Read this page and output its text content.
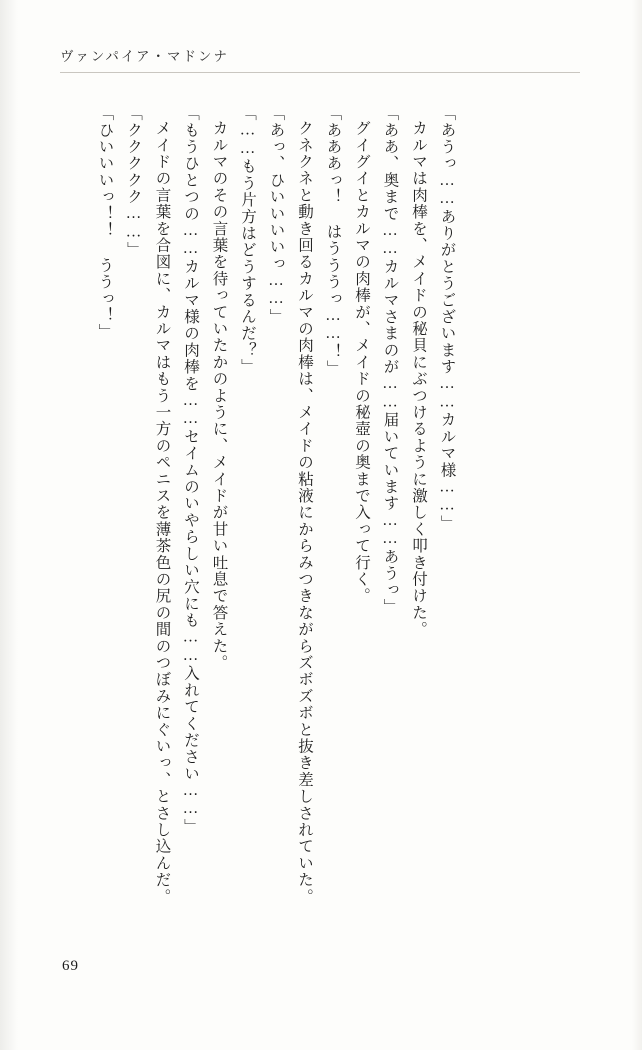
ヴァンパイア・マドンナ

「あうっ……ありがとうございます……カルマ様……」

カルマは肉棒を、メイドの秘貝にぶつけるように激しく叩き付けた。

「ああ、奥まで……カルマさまのが……届いています……あうっ」

グイグイとカルマの肉棒が、メイドの秘壺の奥まで入って行く。

「あああっ！ はうううっ……！」

クネクネと動き回るカルマの肉棒は、メイドの粘液にからみつきながらズボズボと抜き差しされていた。

「あっ、ひいいいいっ……」

「……もう片方はどうするんだ？」

カルマのその言葉を待っていたかのように、メイドが甘い吐息で答えた。

「もうひとつの……カルマ様の肉棒を……セイムのいやらしい穴にも……入れてください……」

メイドの言葉を合図に、カルマはもう一方のペニスを薄茶色の尻の間のつぼみにぐいっ、とさし込んだ。

「ククククク……」

「ひいいいっ！！ ううっ！」

69
